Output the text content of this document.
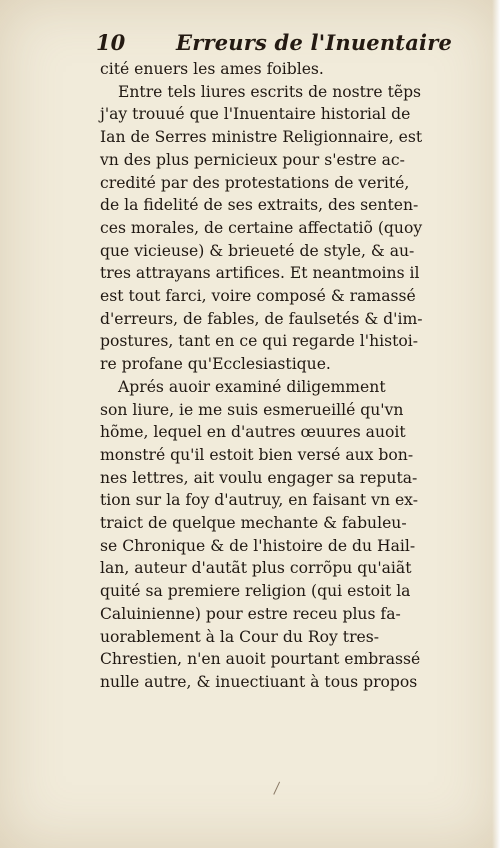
10 Erreurs de l'Inuentaire
cité enuers les ames foibles.
Entre tels liures escrits de nostre tẽps
j'ay trouué que l'Inuentaire historial de
Ian de Serres ministre Religionnaire, est
vn des plus pernicieux pour s'estre ac-
credité par des protestations de verité,
de la fidelité de ses extraits, des senten-
ces morales, de certaine affectatiõ (quoy
que vicieuse) & brieueté de style, & au-
tres attrayans artifices. Et neantmoins il
est tout farci, voire composé & ramassé
d'erreurs, de fables, de faulsetés & d'im-
postures, tant en ce qui regarde l'histoi-
re profane qu'Ecclesiastique.
Aprés auoir examiné diligemment
son liure, ie me suis esmerueillé qu'vn
hõme, lequel en d'autres œuures auoit
monstré qu'il estoit bien versé aux bon-
nes lettres, ait voulu engager sa reputa-
tion sur la foy d'autruy, en faisant vn ex-
traict de quelque mechante & fabuleu-
se Chronique & de l'histoire de du Hail-
lan, auteur d'autãt plus corrõpu qu'aiãt
quité sa premiere religion (qui estoit la
Caluinienne) pour estre receu plus fa-
uorablement à la Cour du Roy tres-
Chrestien, n'en auoit pourtant embrassé
nulle autre, & inuectiuant à tous propos
